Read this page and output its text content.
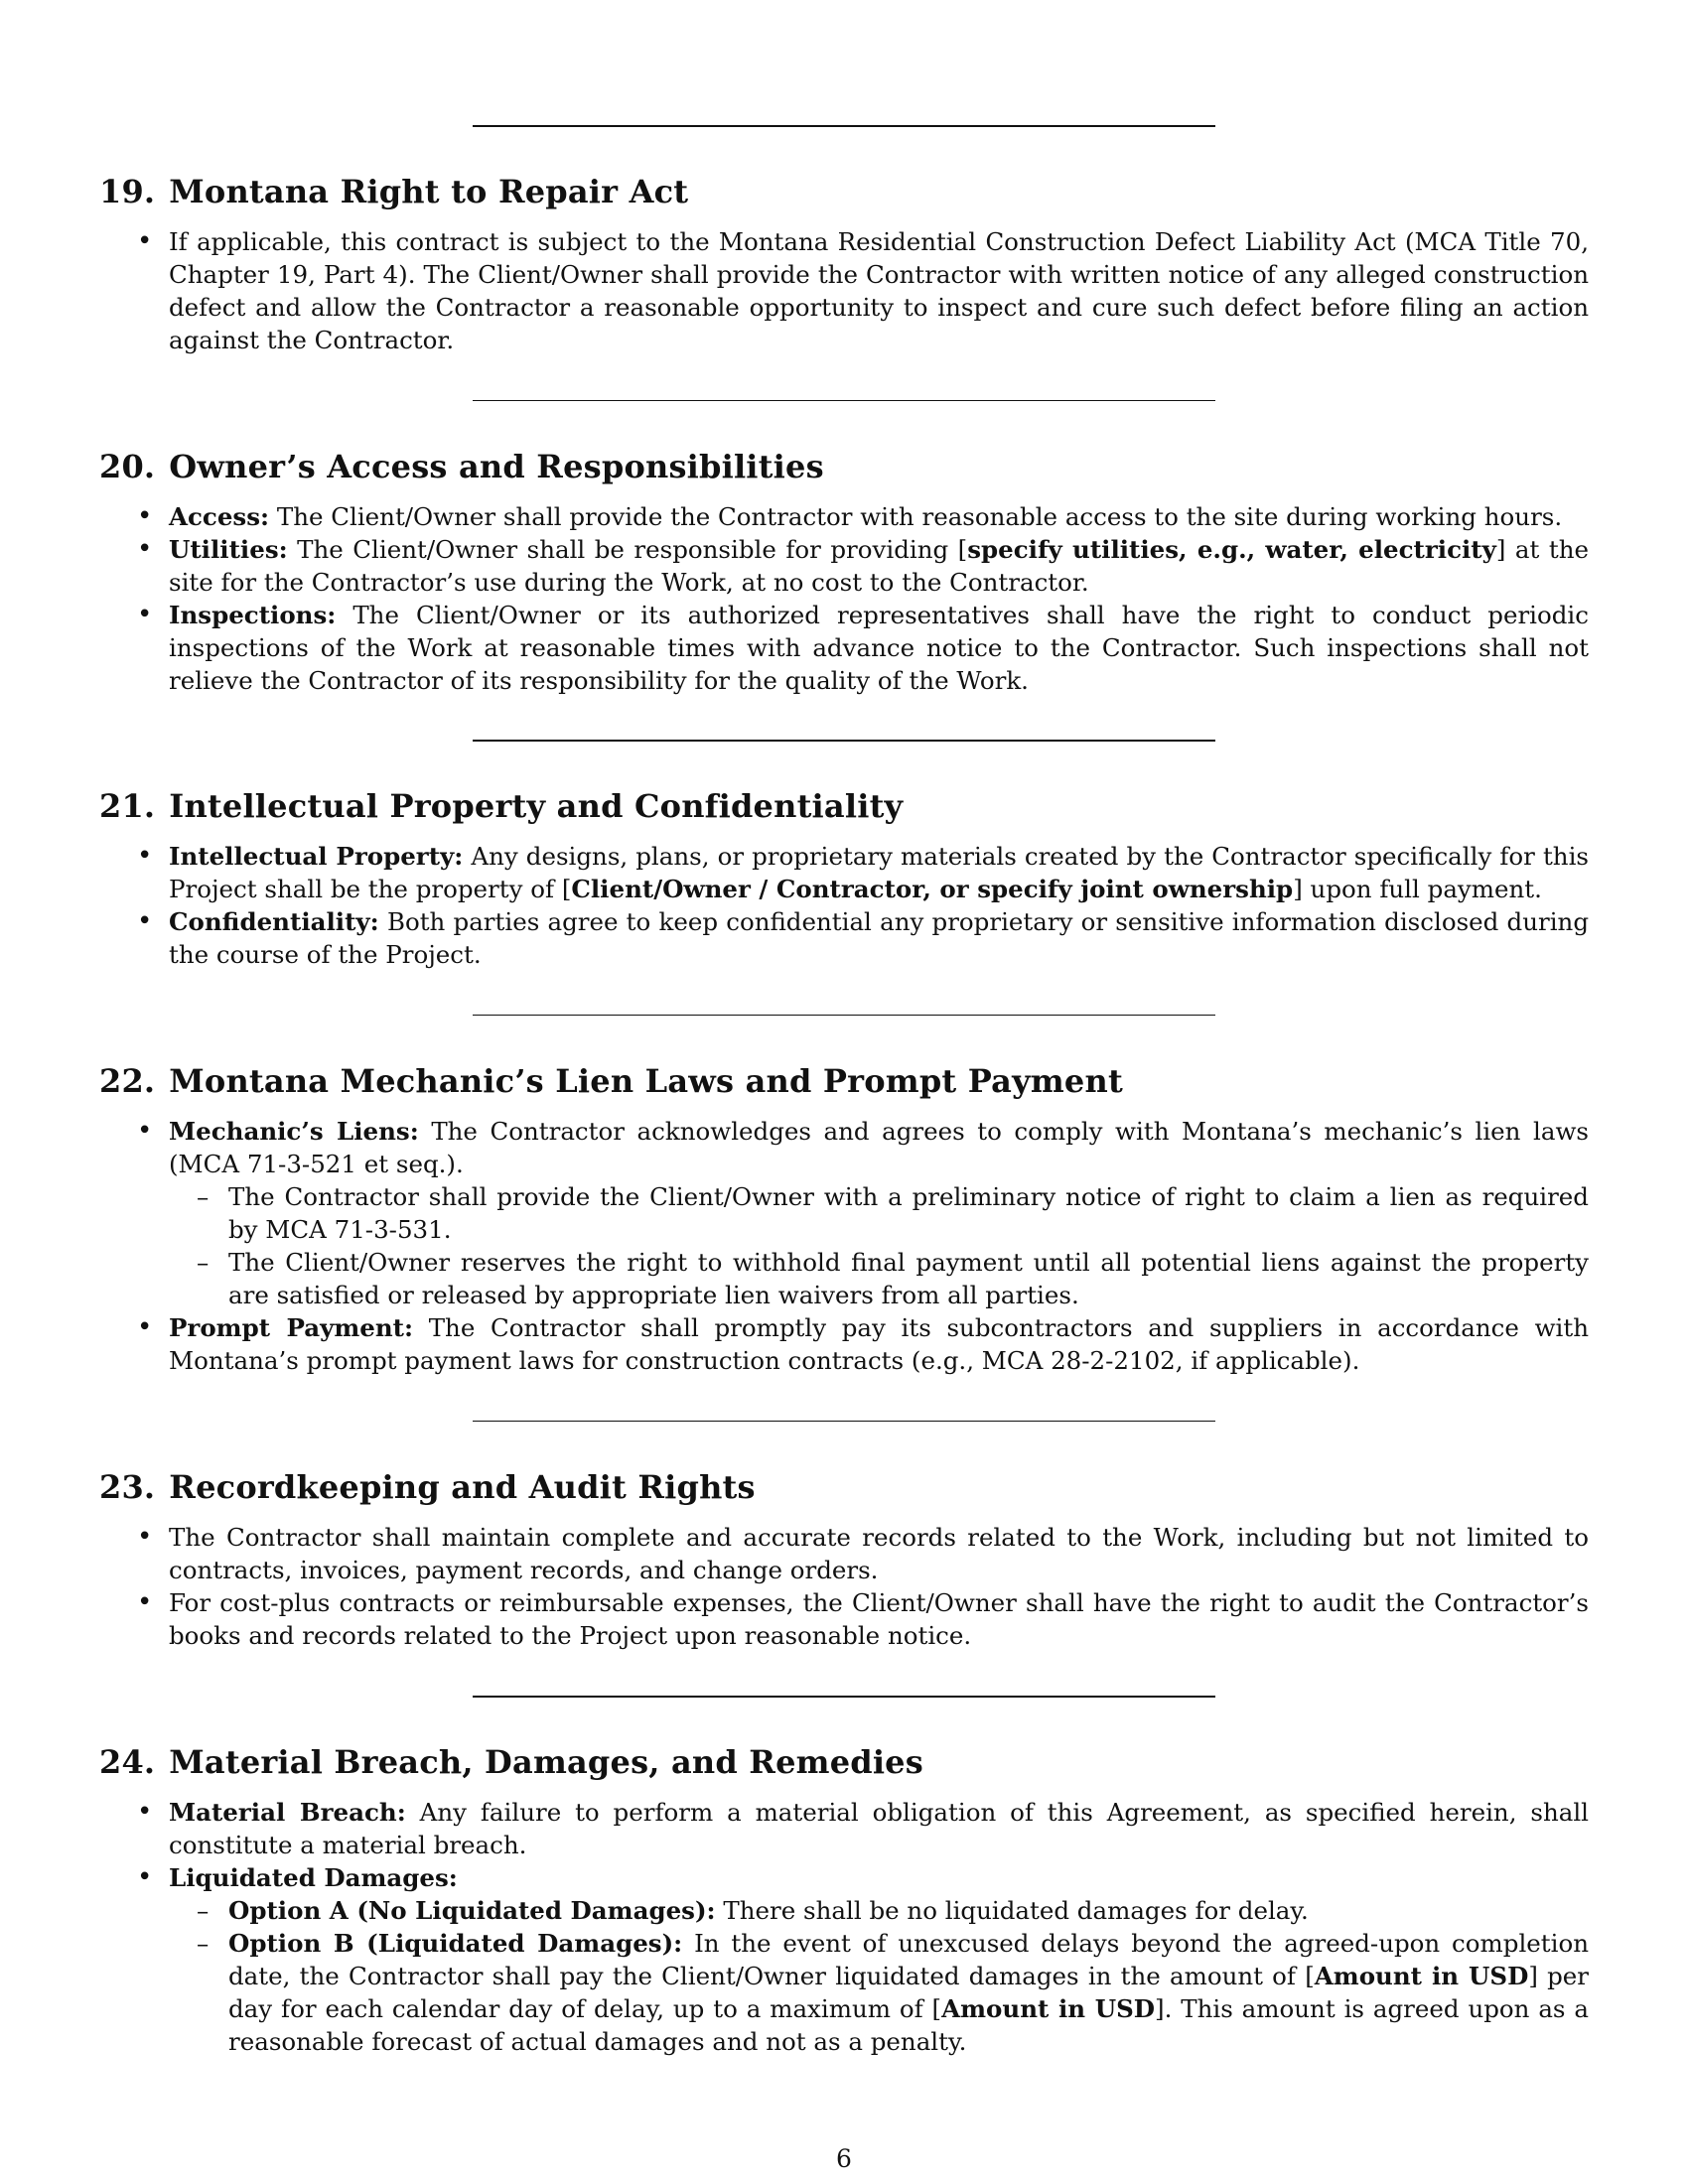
19. Montana Right to Repair Act
• If applicable, this contract is subject to the Montana Residential Construction Defect Liability Act (MCA Title 70, Chapter 19, Part 4). The Client/Owner shall provide the Contractor with written notice of any alleged construction defect and allow the Contractor a reasonable opportunity to inspect and cure such defect before filing an action against the Contractor.
20. Owner’s Access and Responsibilities
• Access: The Client/Owner shall provide the Contractor with reasonable access to the site during working hours.
• Utilities: The Client/Owner shall be responsible for providing [specify utilities, e.g., water, electricity] at the site for the Contractor’s use during the Work, at no cost to the Contractor.
• Inspections: The Client/Owner or its authorized representatives shall have the right to conduct periodic inspections of the Work at reasonable times with advance notice to the Contractor. Such inspections shall not relieve the Contractor of its responsibility for the quality of the Work.
21. Intellectual Property and Confidentiality
• Intellectual Property: Any designs, plans, or proprietary materials created by the Contractor specifically for this Project shall be the property of [Client/Owner / Contractor, or specify joint ownership] upon full payment.
• Confidentiality: Both parties agree to keep confidential any proprietary or sensitive information disclosed during the course of the Project.
22. Montana Mechanic’s Lien Laws and Prompt Payment
• Mechanic’s Liens: The Contractor acknowledges and agrees to comply with Montana’s mechanic’s lien laws (MCA 71-3-521 et seq.).
– The Contractor shall provide the Client/Owner with a preliminary notice of right to claim a lien as required by MCA 71-3-531.
– The Client/Owner reserves the right to withhold final payment until all potential liens against the property are satisfied or released by appropriate lien waivers from all parties.
• Prompt Payment: The Contractor shall promptly pay its subcontractors and suppliers in accordance with Montana’s prompt payment laws for construction contracts (e.g., MCA 28-2-2102, if applicable).
23. Recordkeeping and Audit Rights
• The Contractor shall maintain complete and accurate records related to the Work, including but not limited to contracts, invoices, payment records, and change orders.
• For cost-plus contracts or reimbursable expenses, the Client/Owner shall have the right to audit the Contractor’s books and records related to the Project upon reasonable notice.
24. Material Breach, Damages, and Remedies
• Material Breach: Any failure to perform a material obligation of this Agreement, as specified herein, shall constitute a material breach.
• Liquidated Damages:
– Option A (No Liquidated Damages): There shall be no liquidated damages for delay.
– Option B (Liquidated Damages): In the event of unexcused delays beyond the agreed-upon completion date, the Contractor shall pay the Client/Owner liquidated damages in the amount of [Amount in USD] per day for each calendar day of delay, up to a maximum of [Amount in USD]. This amount is agreed upon as a reasonable forecast of actual damages and not as a penalty.
6
